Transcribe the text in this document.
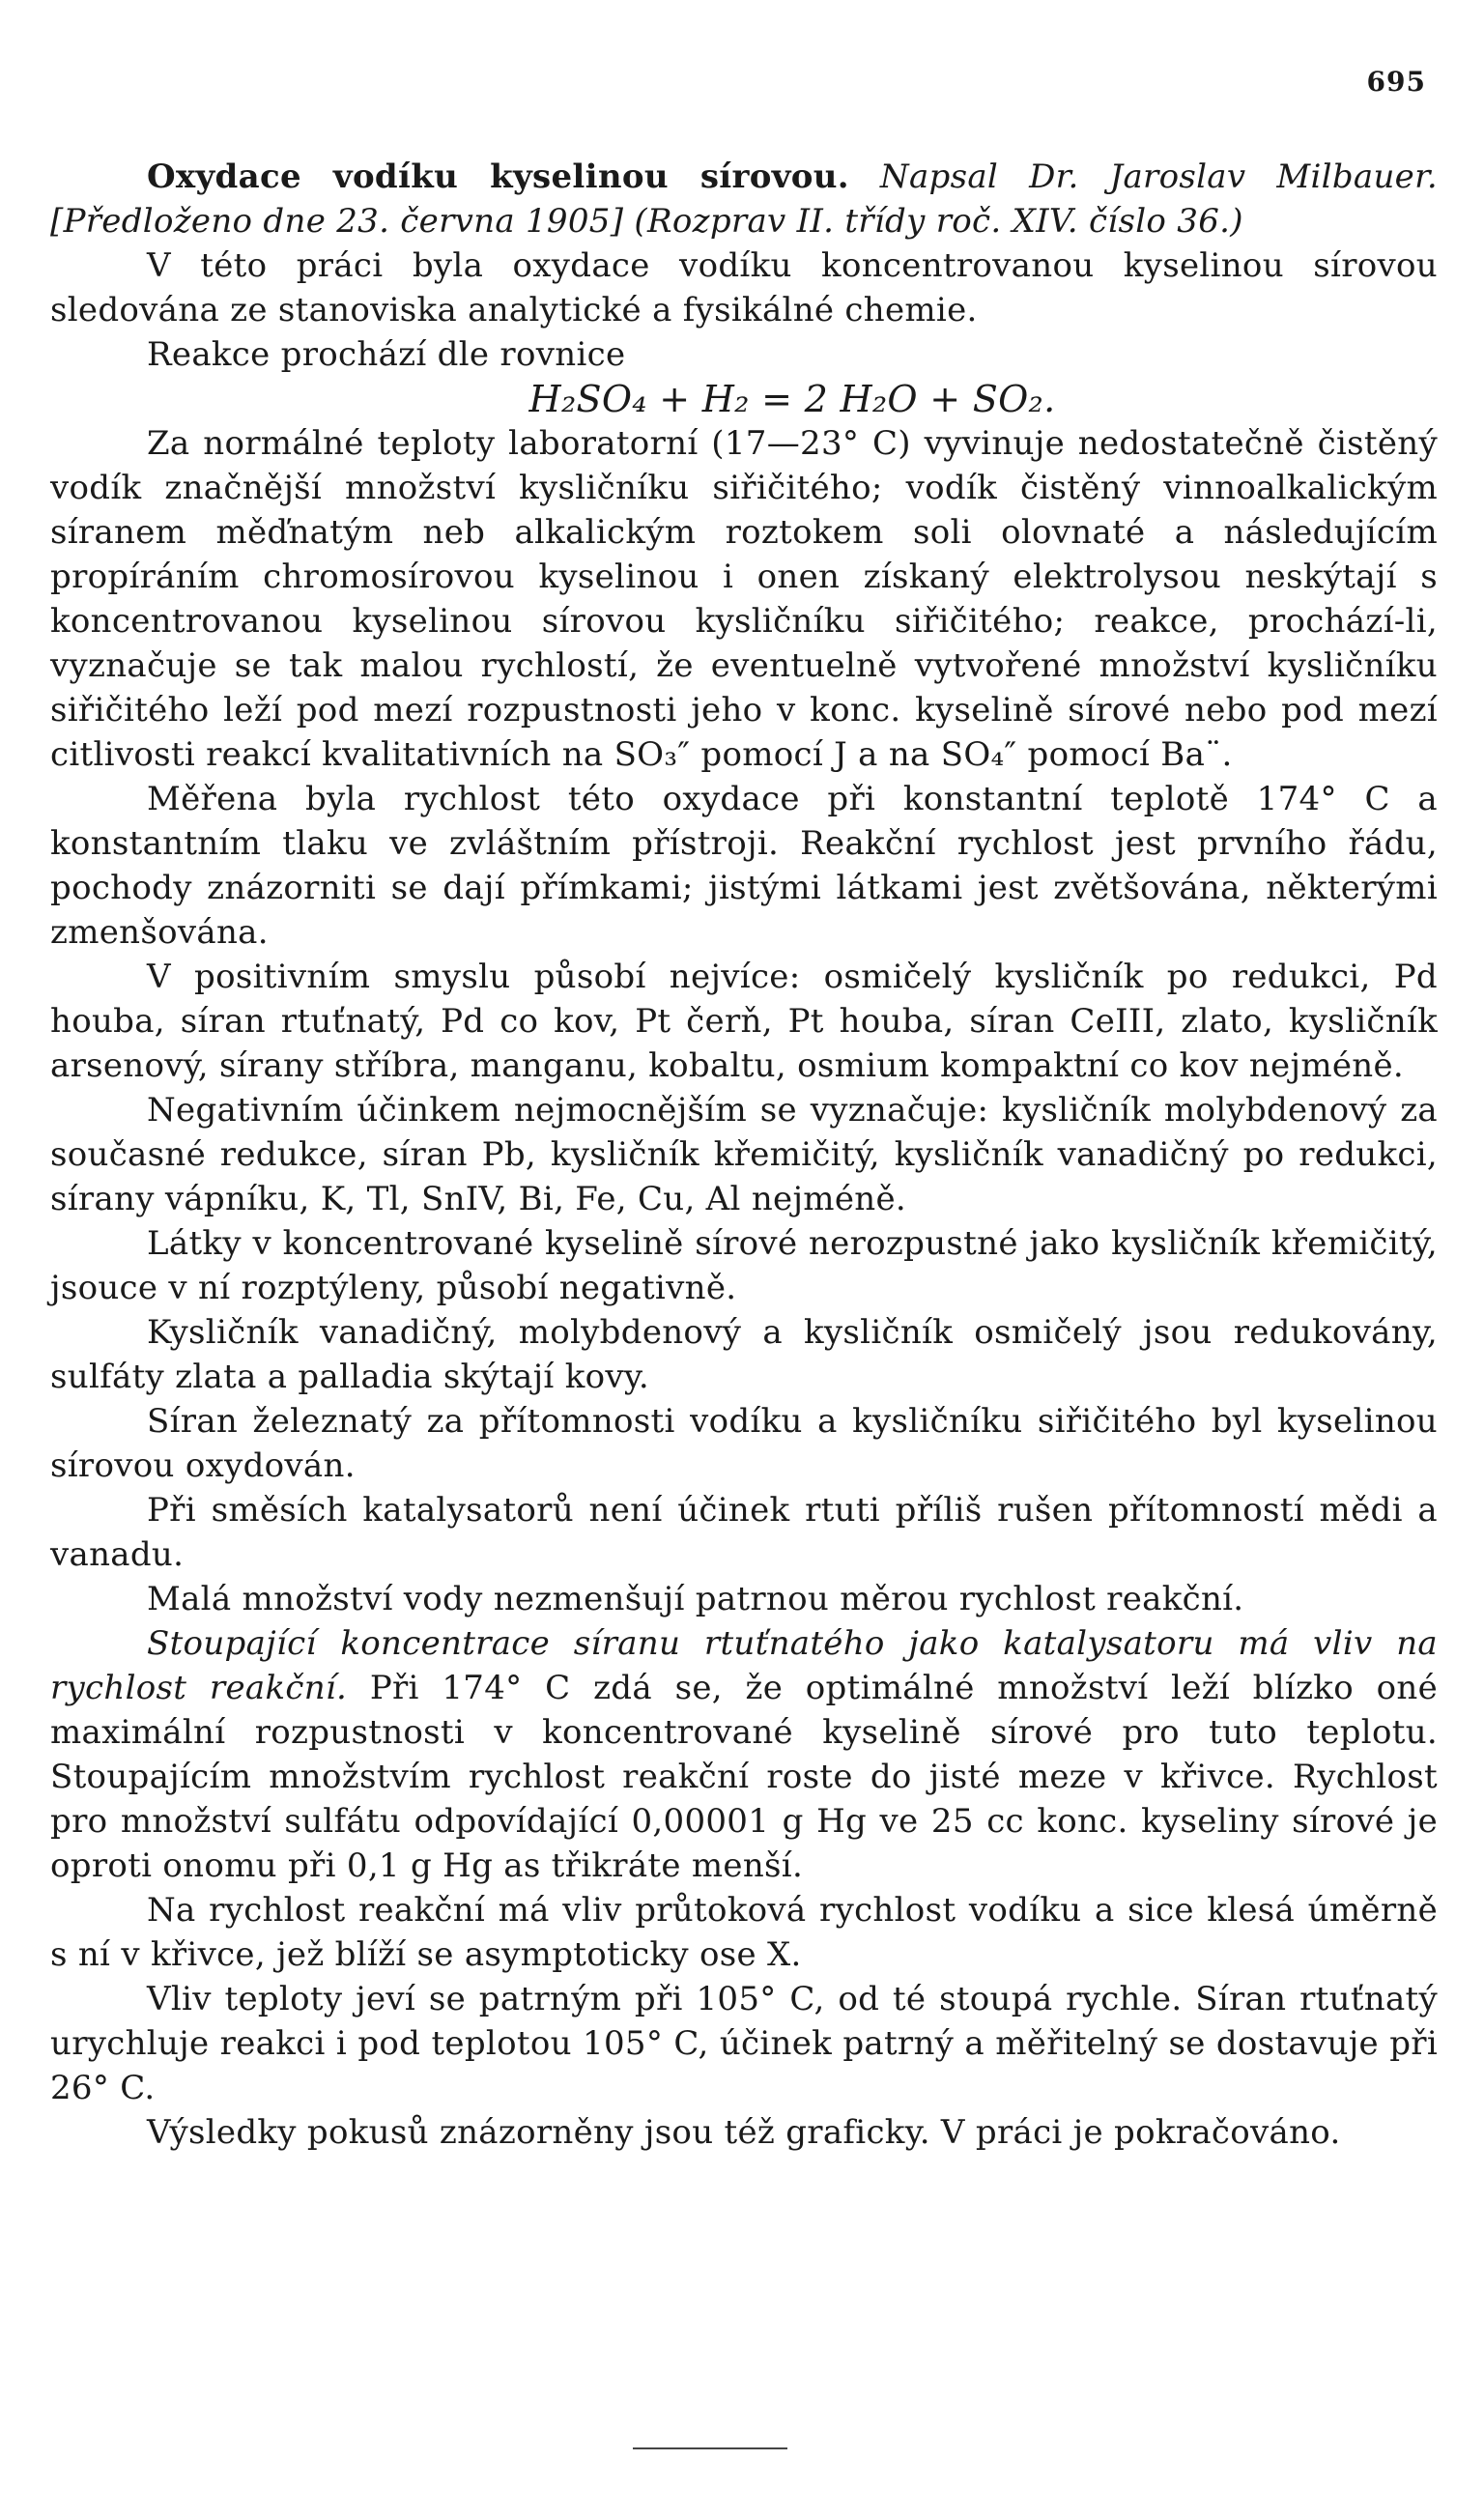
695

Oxydace vodíku kyselinou sírovou. Napsal Dr. Jaroslav Milbauer. [Předloženo dne 23. června 1905] (Rozprav II. třídy roč. XIV. číslo 36.)

V této práci byla oxydace vodíku koncentrovanou kyselinou sírovou sledována ze stanoviska analytické a fysikálné chemie.

Reakce prochází dle rovnice

H₂SO₄ + H₂ = 2 H₂O + SO₂.

Za normálné teploty laboratorní (17—23° C) vyvinuje nedostatečně čistěný vodík značnější množství kysličníku siřičitého; vodík čistěný vinnoalkalickým síranem měďnatým neb alkalickým roztokem soli olovnaté a následujícím propíráním chromosírovou kyselinou i onen získaný elektrolysou neskýtají s koncentrovanou kyselinou sírovou kysličníku siřičitého; reakce, prochází-li, vyznačuje se tak malou rychlostí, že eventuelně vytvořené množství kysličníku siřičitého leží pod mezí rozpustnosti jeho v konc. kyselině sírové nebo pod mezí citlivosti reakcí kvalitativních na SO₃″ pomocí J a na SO₄″ pomocí Ba¨.

Měřena byla rychlost této oxydace při konstantní teplotě 174° C a konstantním tlaku ve zvláštním přístroji. Reakční rychlost jest prvního řádu, pochody znázorniti se dají přímkami; jistými látkami jest zvětšována, některými zmenšována.

V positivním smyslu působí nejvíce: osmičelý kysličník po redukci, Pd houba, síran rtuťnatý, Pd co kov, Pt čerň, Pt houba, síran CeIII, zlato, kysličník arsenový, sírany stříbra, manganu, kobaltu, osmium kompaktní co kov nejméně.

Negativním účinkem nejmocnějším se vyznačuje: kysličník molybdenový za současné redukce, síran Pb, kysličník křemičitý, kysličník vanadičný po redukci, sírany vápníku, K, Tl, SnIV, Bi, Fe, Cu, Al nejméně.

Látky v koncentrované kyselině sírové nerozpustné jako kysličník křemičitý, jsouce v ní rozptýleny, působí negativně.

Kysličník vanadičný, molybdenový a kysličník osmičelý jsou redukovány, sulfáty zlata a palladia skýtají kovy.

Síran železnatý za přítomnosti vodíku a kysličníku siřičitého byl kyselinou sírovou oxydován.

Při směsích katalysatorů není účinek rtuti příliš rušen přítomností mědi a vanadu.

Malá množství vody nezmenšují patrnou měrou rychlost reakční.

Stoupající koncentrace síranu rtuťnatého jako katalysatoru má vliv na rychlost reakční. Při 174° C zdá se, že optimálné množství leží blízko oné maximální rozpustnosti v koncentrované kyselině sírové pro tuto teplotu. Stoupajícím množstvím rychlost reakční roste do jisté meze v křivce. Rychlost pro množství sulfátu odpovídající 0,00001 g Hg ve 25 cc konc. kyseliny sírové je oproti onomu při 0,1 g Hg as třikráte menší.

Na rychlost reakční má vliv průtoková rychlost vodíku a sice klesá úměrně s ní v křivce, jež blíží se asymptoticky ose X.

Vliv teploty jeví se patrným při 105° C, od té stoupá rychle. Síran rtuťnatý urychluje reakci i pod teplotou 105° C, účinek patrný a měřitelný se dostavuje při 26° C.

Výsledky pokusů znázorněny jsou též graficky. V práci je pokračováno.
